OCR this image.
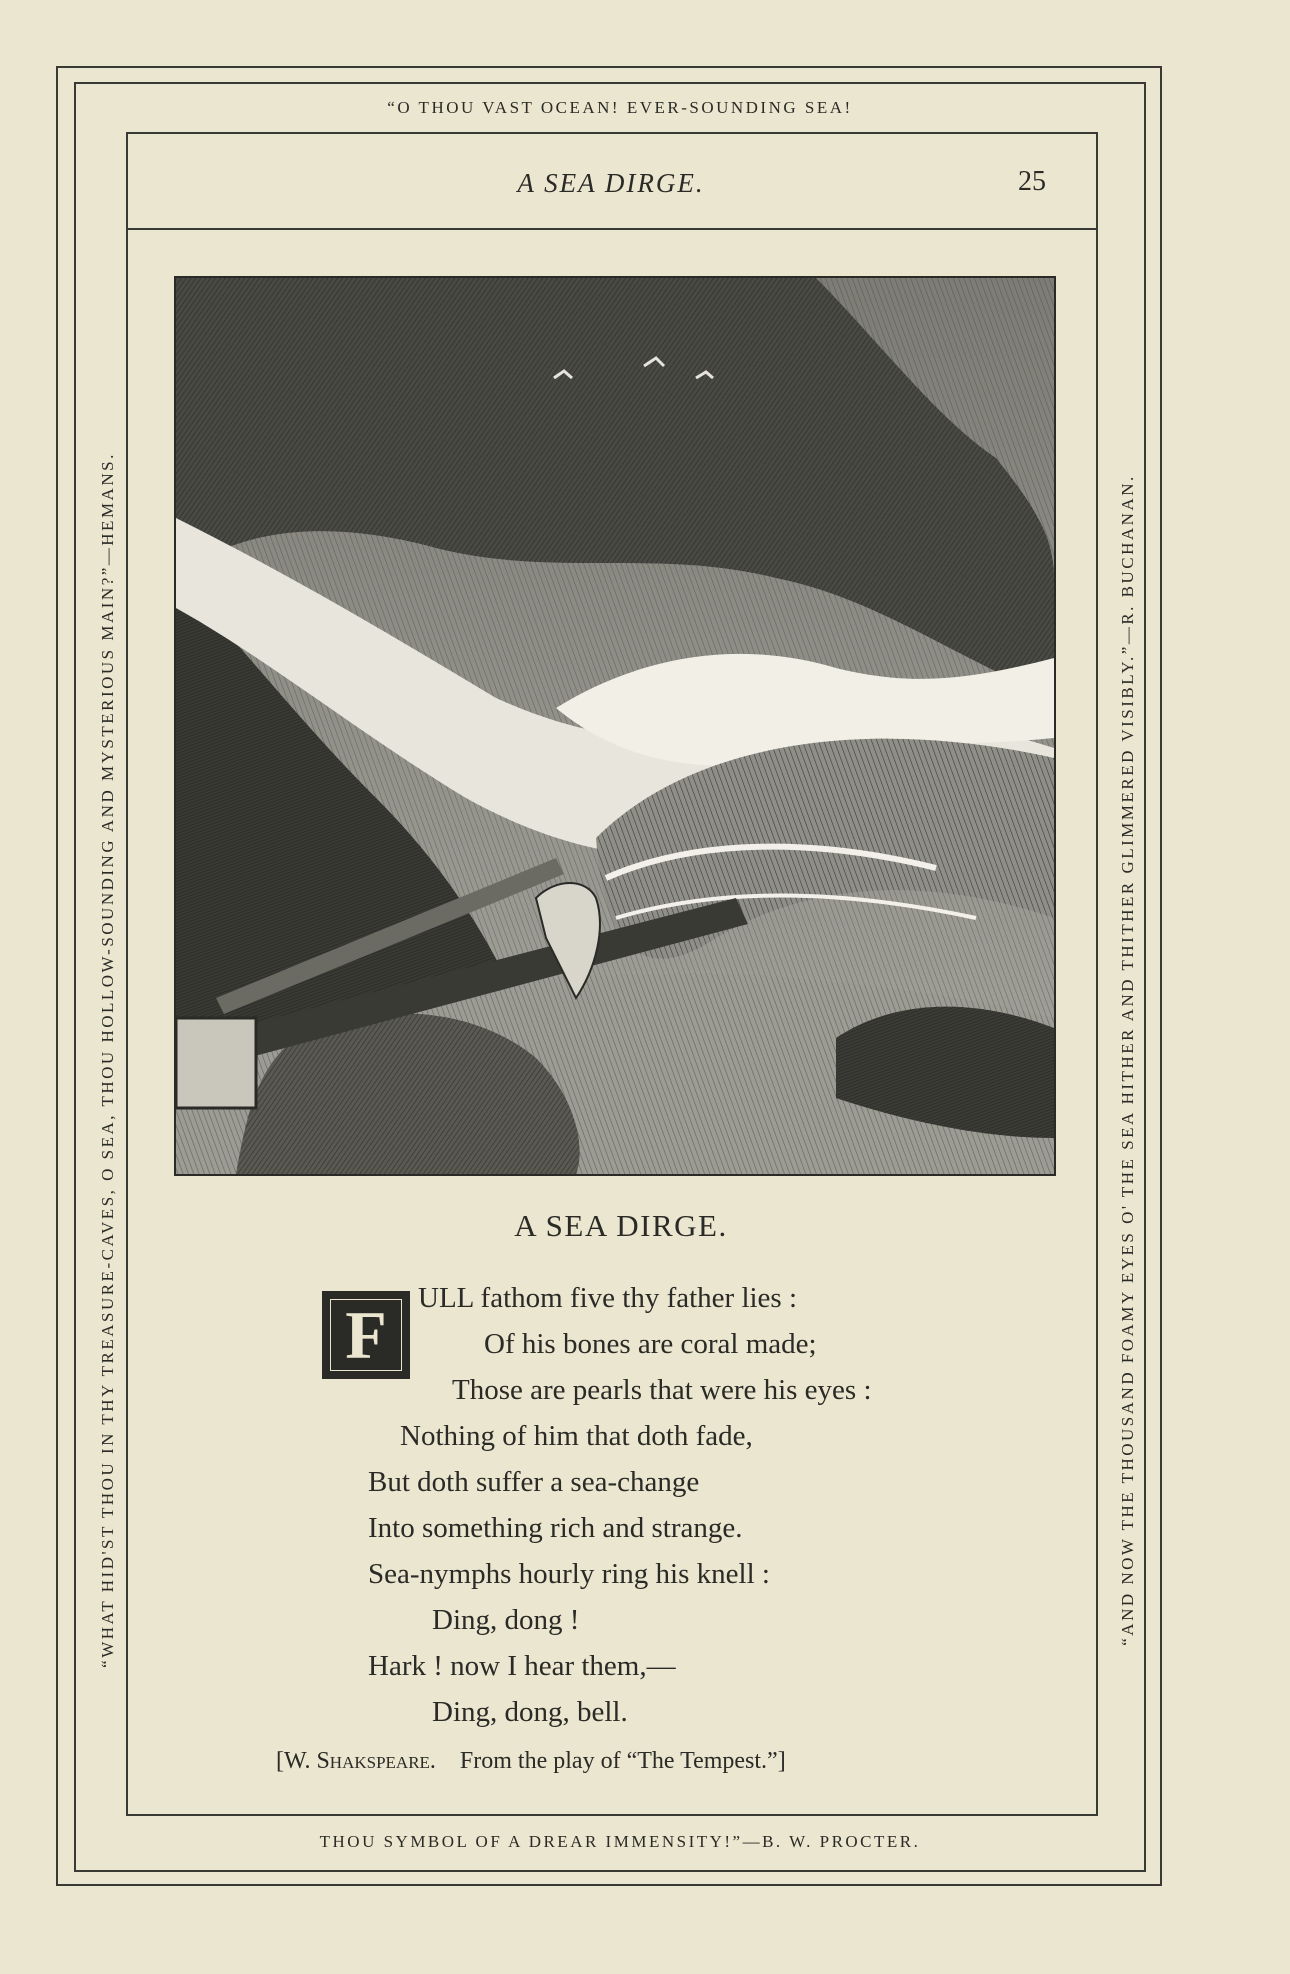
“O THOU VAST OCEAN! EVER-SOUNDING SEA!
THOU SYMBOL OF A DREAR IMMENSITY!”—B. W. PROCTER.
“WHAT HID'ST THOU IN THY TREASURE-CAVES, O SEA, THOU HOLLOW-SOUNDING AND MYSTERIOUS MAIN?”—HEMANS.	“AND NOW THE THOUSAND FOAMY EYES O' THE SEA HITHER AND THITHER GLIMMERED VISIBLY.”—R. BUCHANAN.
A SEA DIRGE.	25
A SEA DIRGE.
F	ULL fathom five thy father lies :
Of his bones are coral made;
Those are pearls that were his eyes :
Nothing of him that doth fade,
But doth suffer a sea-change
Into something rich and strange.
Sea-nymphs hourly ring his knell :
Ding, dong !
Hark ! now I hear them,—
Ding, dong, bell.
[W. Shakspeare. From the play of “The Tempest.”]
